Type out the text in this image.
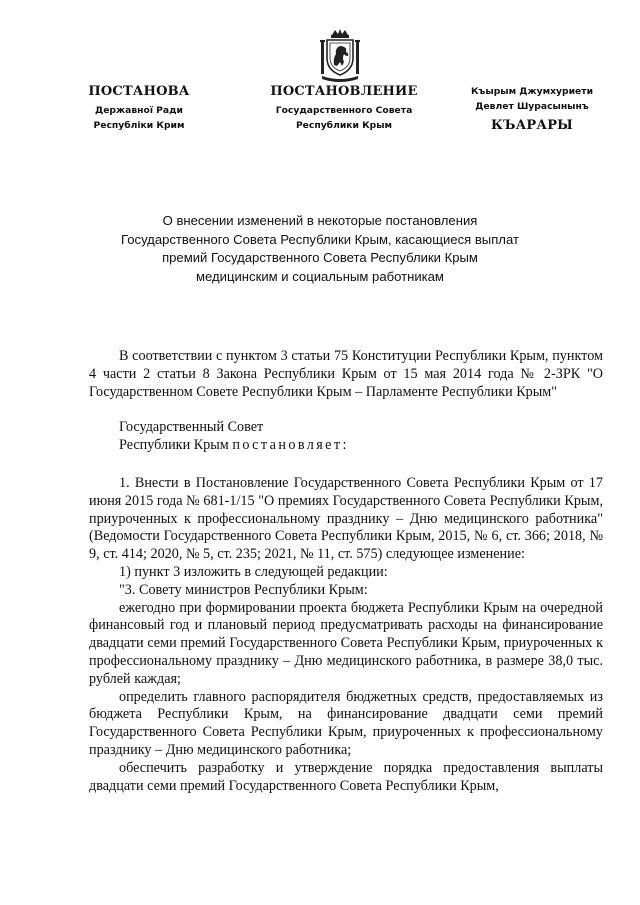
ПОСТАНОВА
Державної Ради
Республіки Крим
ПОСТАНОВЛЕНИЕ
Государственного Совета
Республики Крым
Къырым Джумхуриети
Девлет Шурасынынъ
КЪАРАРЫ
О внесении изменений в некоторые постановления
Государственного Совета Республики Крым, касающиеся выплат
премий Государственного Совета Республики Крым
медицинским и социальным работникам

В соответствии с пунктом 3 статьи 75 Конституции Республики Крым, пунктом 4 части 2 статьи 8 Закона Республики Крым от 15 мая 2014 года № 2-ЗРК "О Государственном Совете Республики Крым – Парламенте Республики Крым"

Государственный Совет

Республики Крым постановляет:

1. Внести в Постановление Государственного Совета Республики Крым от 17 июня 2015 года № 681-1/15 "О премиях Государственного Совета Республики Крым, приуроченных к профессиональному празднику – Дню медицинского работника" (Ведомости Государственного Совета Республики Крым, 2015, № 6, ст. 366; 2018, № 9, ст. 414; 2020, № 5, ст. 235; 2021, № 11, ст. 575) следующее изменение:

1) пункт 3 изложить в следующей редакции:

"3. Совету министров Республики Крым:

ежегодно при формировании проекта бюджета Республики Крым на очередной финансовый год и плановый период предусматривать расходы на финансирование двадцати семи премий Государственного Совета Республики Крым, приуроченных к профессиональному празднику – Дню медицинского работника, в размере 38,0 тыс. рублей каждая;

определить главного распорядителя бюджетных средств, предоставляемых из бюджета Республики Крым, на финансирование двадцати семи премий Государственного Совета Республики Крым, приуроченных к профессиональному празднику – Дню медицинского работника;

обеспечить разработку и утверждение порядка предоставления выплаты двадцати семи премий Государственного Совета Республики Крым,
